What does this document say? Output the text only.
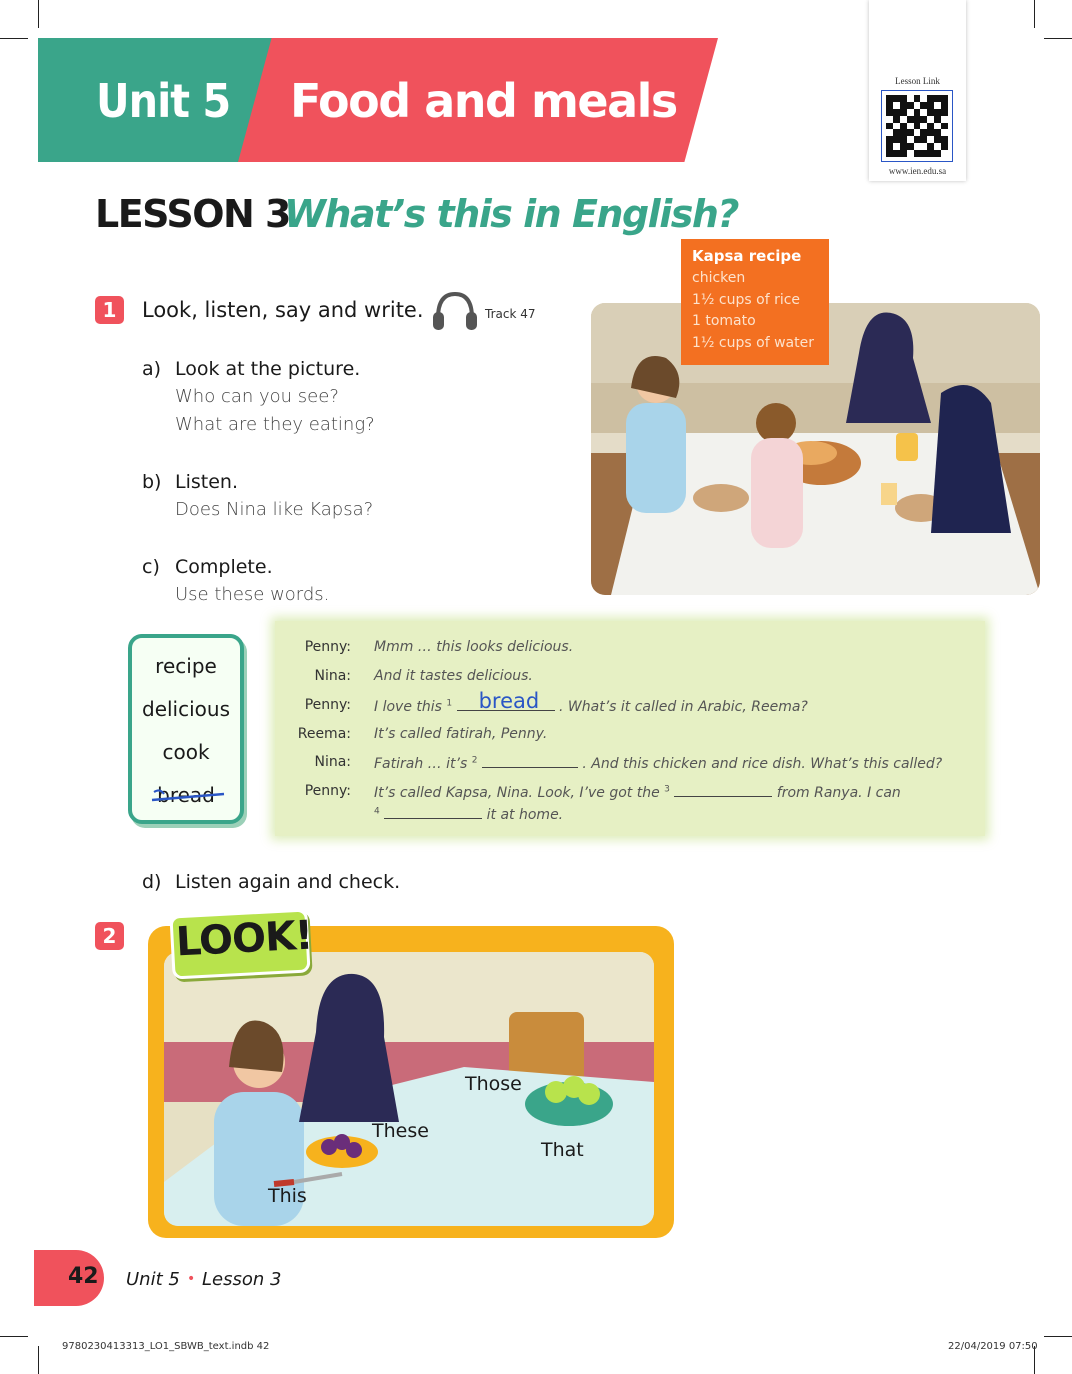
Unit 5 Food and meals	Lesson Link
www.ien.edu.sa
LESSON 3
What’s this in English?
1	Look, listen, say and write.	Track 47
a) Look at the picture.
Who can you see?
What are they eating?
b) Listen.
Does Nina like Kapsa?
c) Complete.
Use these words.
Kapsa recipe
chicken
1½ cups of rice
1 tomato
1½ cups of water
recipe
delicious
cook
bread
Penny: Mmm … this looks delicious.
Nina: And it tastes delicious.
Penny: I love this $^1$ bread . What’s it called in Arabic, Reema?
Reema: It’s called fatirah, Penny.
Nina: Fatirah … it’s $^2$	. And this chicken and rice dish. What’s this called?
Penny: It’s called Kapsa, Nina. Look, I’ve got the $^3$	from Ranya. I can
$^4$	it at home.
d) Listen again and check.
2 LOOK!
This
These
That
Those
42 Unit 5 • Lesson 3
9780230413313_LO1_SBWB_text.indb 42	22/04/2019 07:50
